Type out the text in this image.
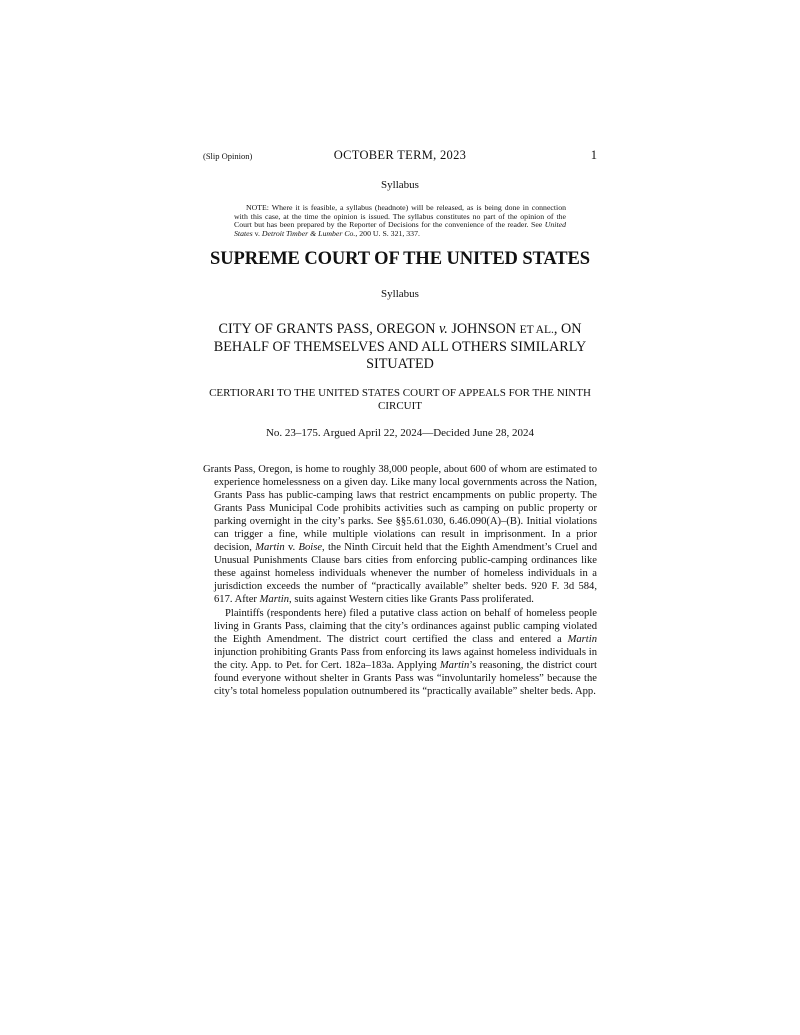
(Slip Opinion)	OCTOBER TERM, 2023	1
Syllabus
NOTE: Where it is feasible, a syllabus (headnote) will be released, as is being done in connection with this case, at the time the opinion is issued. The syllabus constitutes no part of the opinion of the Court but has been prepared by the Reporter of Decisions for the convenience of the reader. See United States v. Detroit Timber & Lumber Co., 200 U. S. 321, 337.
SUPREME COURT OF THE UNITED STATES
Syllabus
CITY OF GRANTS PASS, OREGON v. JOHNSON ET AL., ON BEHALF OF THEMSELVES AND ALL OTHERS SIMILARLY SITUATED
CERTIORARI TO THE UNITED STATES COURT OF APPEALS FOR THE NINTH CIRCUIT
No. 23–175. Argued April 22, 2024—Decided June 28, 2024

Grants Pass, Oregon, is home to roughly 38,000 people, about 600 of whom are estimated to experience homelessness on a given day. Like many local governments across the Nation, Grants Pass has public-camping laws that restrict encampments on public property. The Grants Pass Municipal Code prohibits activities such as camping on public property or parking overnight in the city’s parks. See §§5.61.030, 6.46.090(A)–(B). Initial violations can trigger a fine, while multiple violations can result in imprisonment. In a prior decision, Martin v. Boise, the Ninth Circuit held that the Eighth Amendment’s Cruel and Unusual Punishments Clause bars cities from enforcing public-camping ordinances like these against homeless individuals whenever the number of homeless individuals in a jurisdiction exceeds the number of “practically available” shelter beds. 920 F. 3d 584, 617. After Martin, suits against Western cities like Grants Pass proliferated.

Plaintiffs (respondents here) filed a putative class action on behalf of homeless people living in Grants Pass, claiming that the city’s ordinances against public camping violated the Eighth Amendment. The district court certified the class and entered a Martin injunction prohibiting Grants Pass from enforcing its laws against homeless individuals in the city. App. to Pet. for Cert. 182a–183a. Applying Martin’s reasoning, the district court found everyone without shelter in Grants Pass was “involuntarily homeless” because the city’s total homeless population outnumbered its “practically available” shelter beds. App.
